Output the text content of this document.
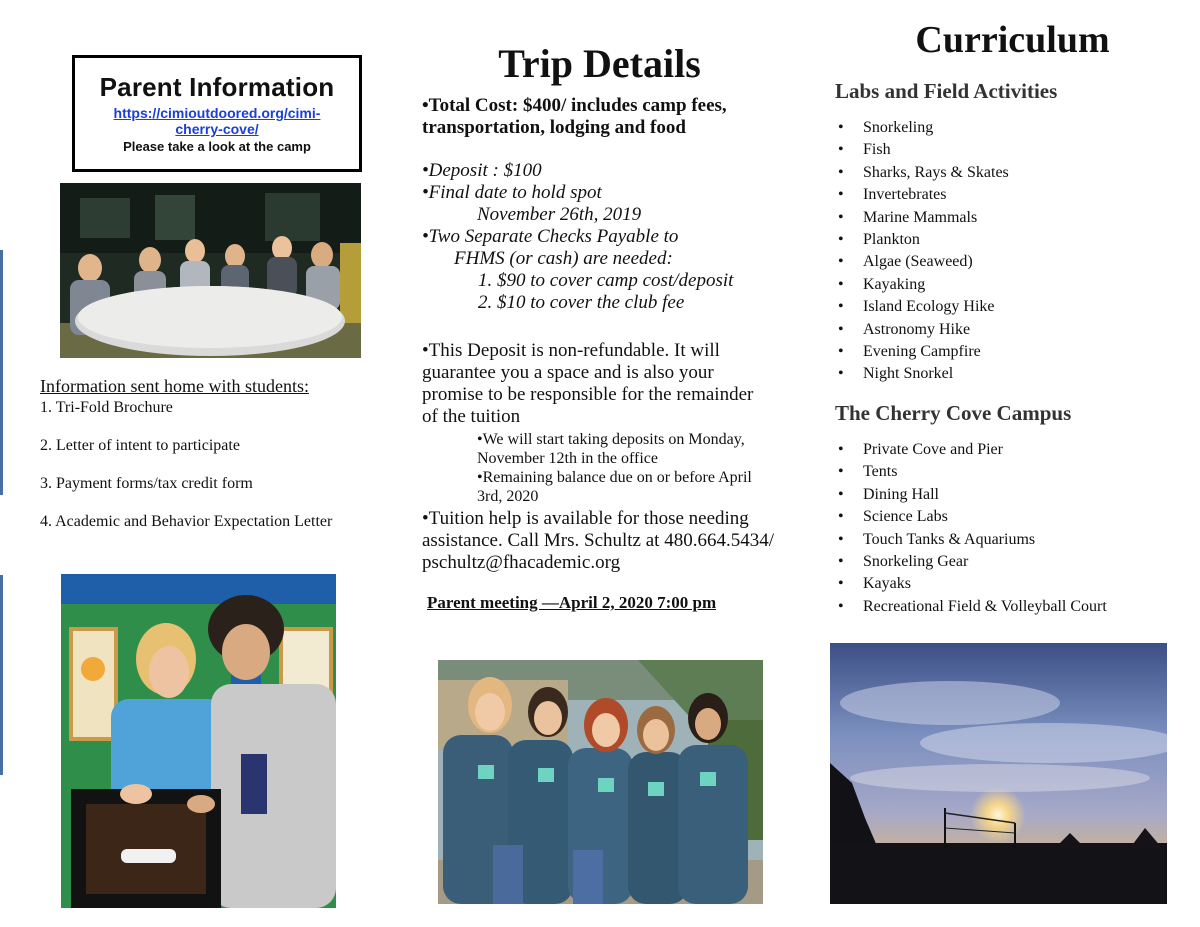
Parent Information
https://cimioutdoored.org/cimi-
cherry-cove/
Please take a look at the camp
Information sent home with students:
1. Tri-Fold Brochure
2. Letter of intent to participate
3. Payment forms/tax credit form
4. Academic and Behavior Expectation Letter
Trip Details
•Total Cost: $400/ includes camp fees, transportation, lodging and food
•Deposit : $100
•Final date to hold spot
November 26th, 2019
•Two Separate Checks Payable to
FHMS (or cash) are needed:
1. $90 to cover camp cost/deposit
2. $10 to cover the club fee
•This Deposit is non-refundable. It will guarantee you a space and is also your promise to be responsible for the remainder of the tuition
•We will start taking deposits on Monday, November 12th in the office
•Remaining balance due on or before April 3rd, 2020
•Tuition help is available for those needing assistance. Call Mrs. Schultz at 480.664.5434/ pschultz@fhacademic.org
Parent meeting —April 2, 2020 7:00 pm
Curriculum
Labs and Field Activities
• Snorkeling
• Fish
• Sharks, Rays & Skates
• Invertebrates
• Marine Mammals
• Plankton
• Algae (Seaweed)
• Kayaking
• Island Ecology Hike
• Astronomy Hike
• Evening Campfire
• Night Snorkel
The Cherry Cove Campus
• Private Cove and Pier
• Tents
• Dining Hall
• Science Labs
• Touch Tanks & Aquariums
• Snorkeling Gear
• Kayaks
• Recreational Field & Volleyball Court
